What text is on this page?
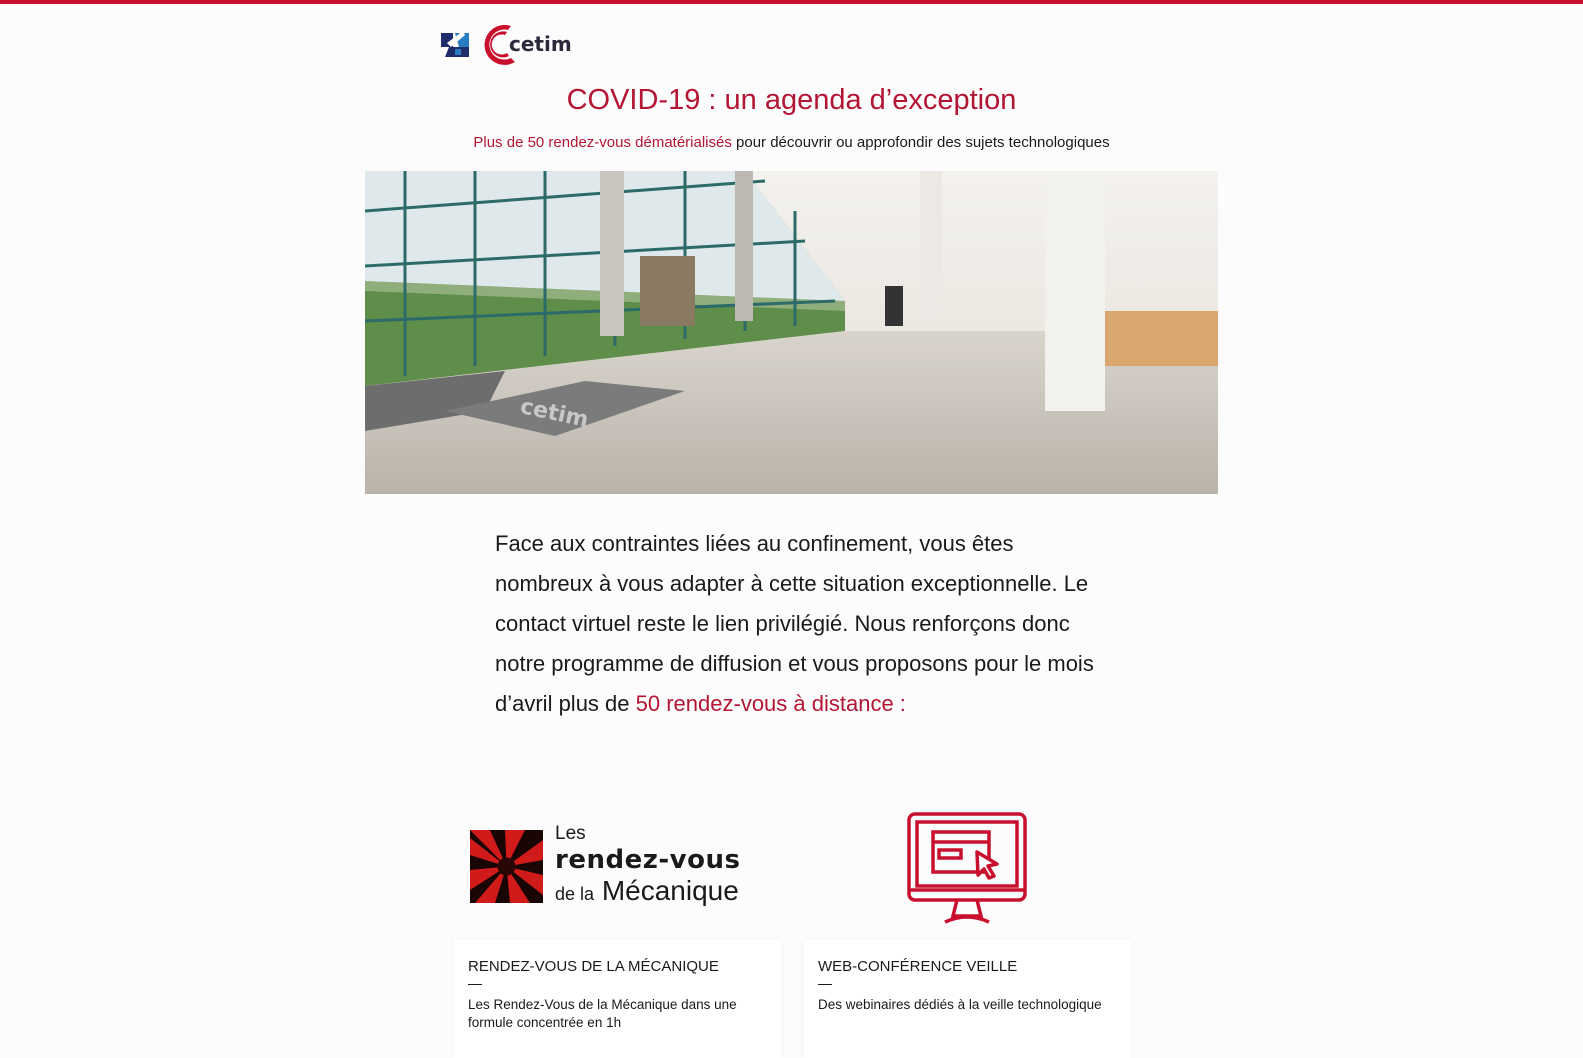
cetim
COVID-19 : un agenda d’exception
Plus de 50 rendez-vous dématérialisés pour découvrir ou approfondir des sujets technologiques
cetim
Face aux contraintes liées au confinement, vous êtes nombreux à vous adapter à cette situation exceptionnelle. Le contact virtuel reste le lien privilégié. Nous renforçons donc notre programme de diffusion et vous proposons pour le mois d’avril plus de 50 rendez-vous à distance :
Les
rendez-vous
de la Mécanique
RENDEZ-VOUS DE LA MÉCANIQUE
Les Rendez-Vous de la Mécanique dans une formule concentrée en 1h
WEB-CONFÉRENCE VEILLE
Des webinaires dédiés à la veille technologique
